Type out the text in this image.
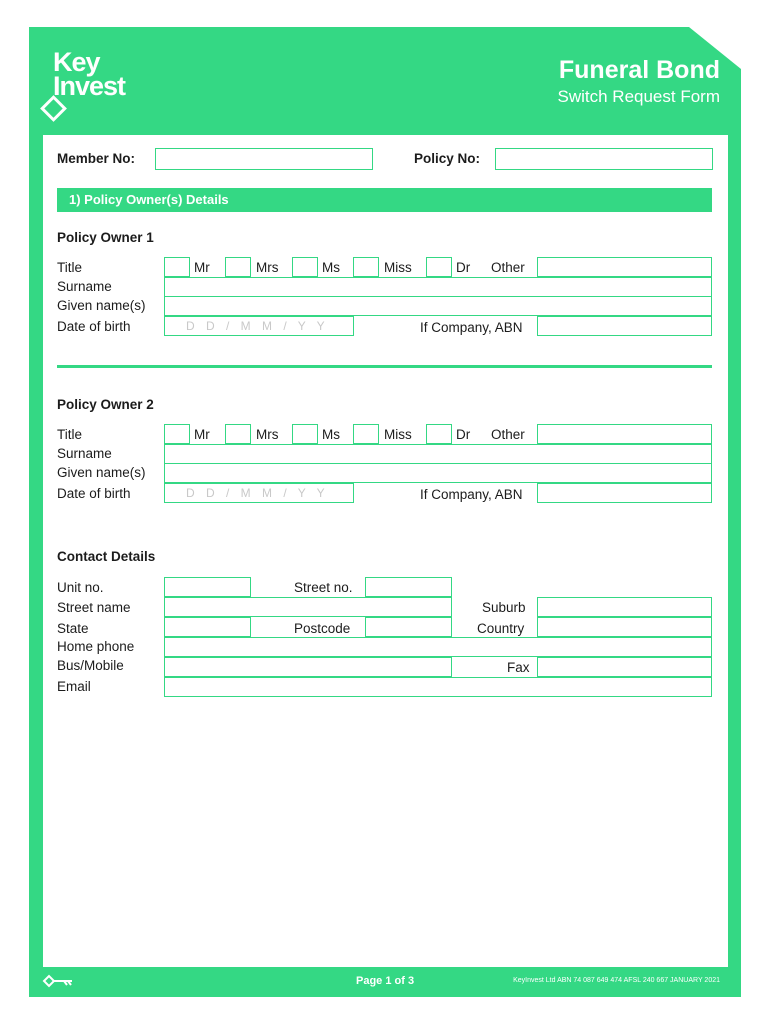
Key
Invest
Funeral Bond
Switch Request Form
Member No:	Policy No:
1) Policy Owner(s) Details
Policy Owner 1
Title	Mr	Mrs	Ms	Miss	Dr Other
Surname
Given name(s)
Date of birth	D D / M M / Y Y	If Company, ABN
Policy Owner 2
Title	Mr	Mrs	Ms	Miss	Dr Other
Surname
Given name(s)
Date of birth	D D / M M / Y Y	If Company, ABN
Contact Details
Unit no.	Street no.
Street name	Suburb
State	Postcode	Country
Home phone
Bus/Mobile	Fax
Email
Page 1 of 3	KeyInvest Ltd ABN 74 087 649 474 AFSL 240 667 JANUARY 2021
